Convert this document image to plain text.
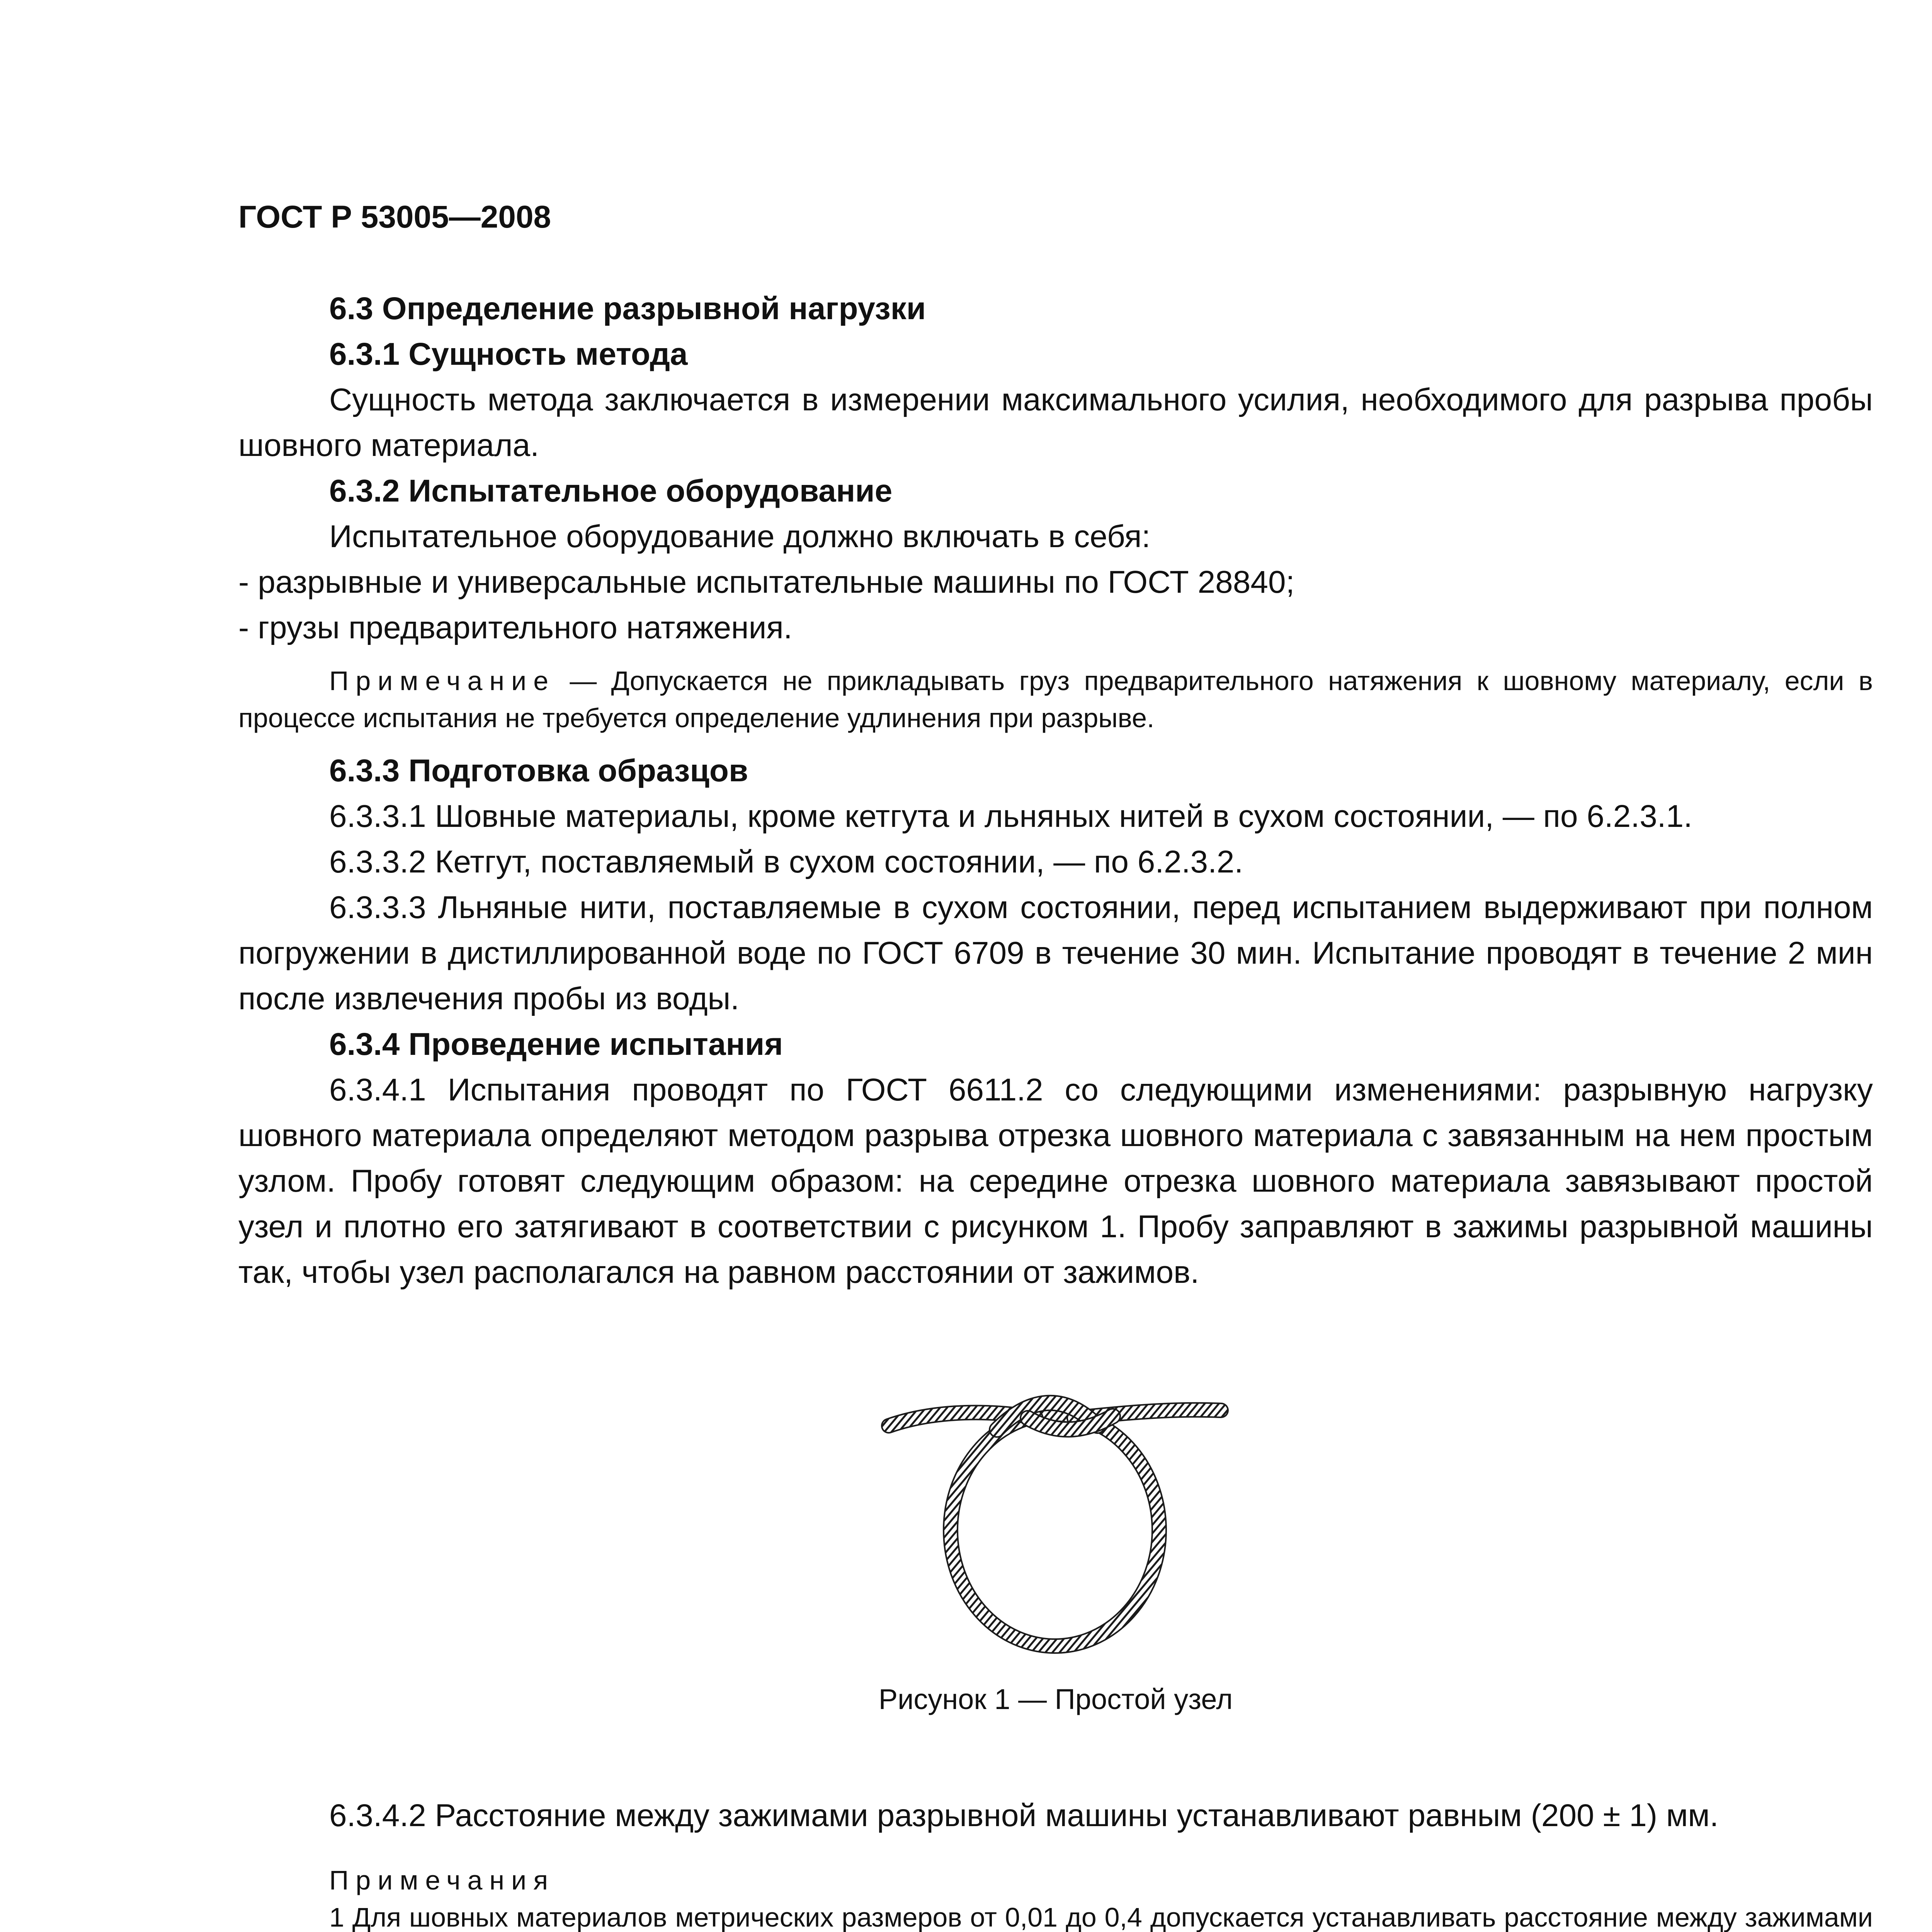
ГОСТ Р 53005—2008

6.3 Определение разрывной нагрузки

6.3.1 Сущность метода

Сущность метода заключается в измерении максимального усилия, необходимого для разрыва пробы шовного материала.

6.3.2 Испытательное оборудование

Испытательное оборудование должно включать в себя:

- разрывные и универсальные испытательные машины по ГОСТ 28840;

- грузы предварительного натяжения.

Примечание — Допускается не прикладывать груз предварительного натяжения к шовному материалу, если в процессе испытания не требуется определение удлинения при разрыве.

6.3.3 Подготовка образцов

6.3.3.1 Шовные материалы, кроме кетгута и льняных нитей в сухом состоянии, — по 6.2.3.1.

6.3.3.2 Кетгут, поставляемый в сухом состоянии, — по 6.2.3.2.

6.3.3.3 Льняные нити, поставляемые в сухом состоянии, перед испытанием выдерживают при полном погружении в дистиллированной воде по ГОСТ 6709 в течение 30 мин. Испытание проводят в течение 2 мин после извлечения пробы из воды.

6.3.4 Проведение испытания

6.3.4.1 Испытания проводят по ГОСТ 6611.2 со следующими изменениями: разрывную нагрузку шовного материала определяют методом разрыва отрезка шовного материала с завязанным на нем простым узлом. Пробу готовят следующим образом: на середине отрезка шовного материала завязывают простой узел и плотно его затягивают в соответствии с рисунком 1. Пробу заправляют в зажимы разрывной машины так, чтобы узел располагался на равном расстоянии от зажимов.

Рисунок 1 — Простой узел

6.3.4.2 Расстояние между зажимами разрывной машины устанавливают равным (200 ± 1) мм.

Примечания

1 Для шовных материалов метрических размеров от 0,01 до 0,4 допускается устанавливать расстояние между зажимами
